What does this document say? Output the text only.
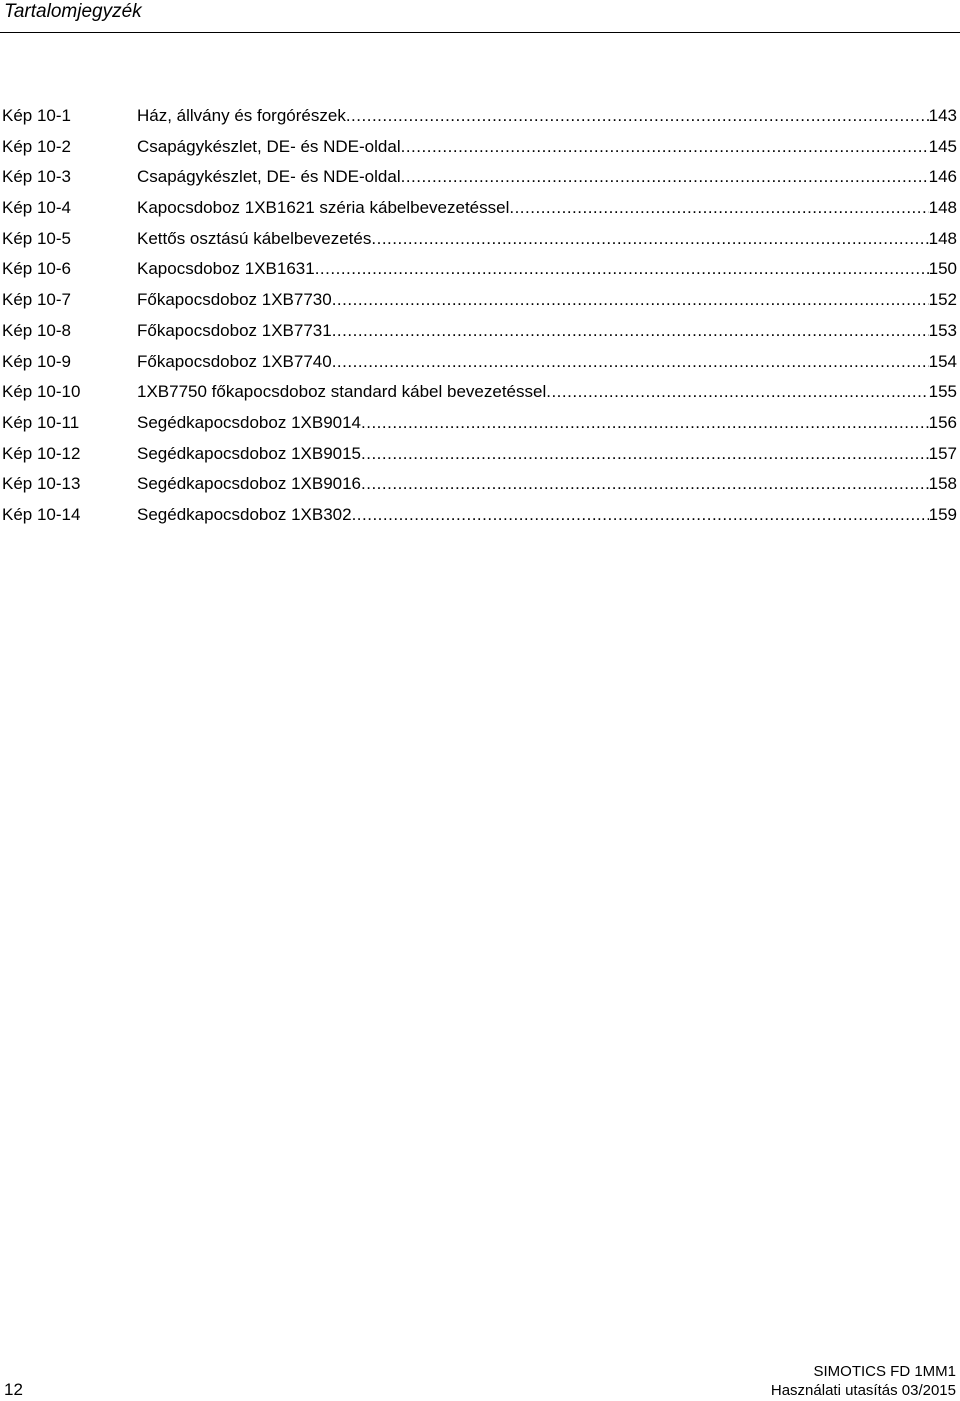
Tartalomjegyzék
Kép 10-1	Ház, állvány és forgórészek .....	143
Kép 10-2	Csapágykészlet, DE- és NDE-oldal .....	145
Kép 10-3	Csapágykészlet, DE- és NDE-oldal .....	146
Kép 10-4	Kapocsdoboz 1XB1621 széria kábelbevezetéssel .....	148
Kép 10-5	Kettős osztású kábelbevezetés .....	148
Kép 10-6	Kapocsdoboz 1XB1631 .....	150
Kép 10-7	Főkapocsdoboz 1XB7730 .....	152
Kép 10-8	Főkapocsdoboz 1XB7731 .....	153
Kép 10-9	Főkapocsdoboz 1XB7740 .....	154
Kép 10-10	1XB7750 főkapocsdoboz standard kábel bevezetéssel .....	155
Kép 10-11	Segédkapocsdoboz 1XB9014 .....	156
Kép 10-12	Segédkapocsdoboz 1XB9015 .....	157
Kép 10-13	Segédkapocsdoboz 1XB9016 .....	158
Kép 10-14	Segédkapocsdoboz 1XB302 .....	159
12
SIMOTICS FD 1MM1
Használati utasítás 03/2015
